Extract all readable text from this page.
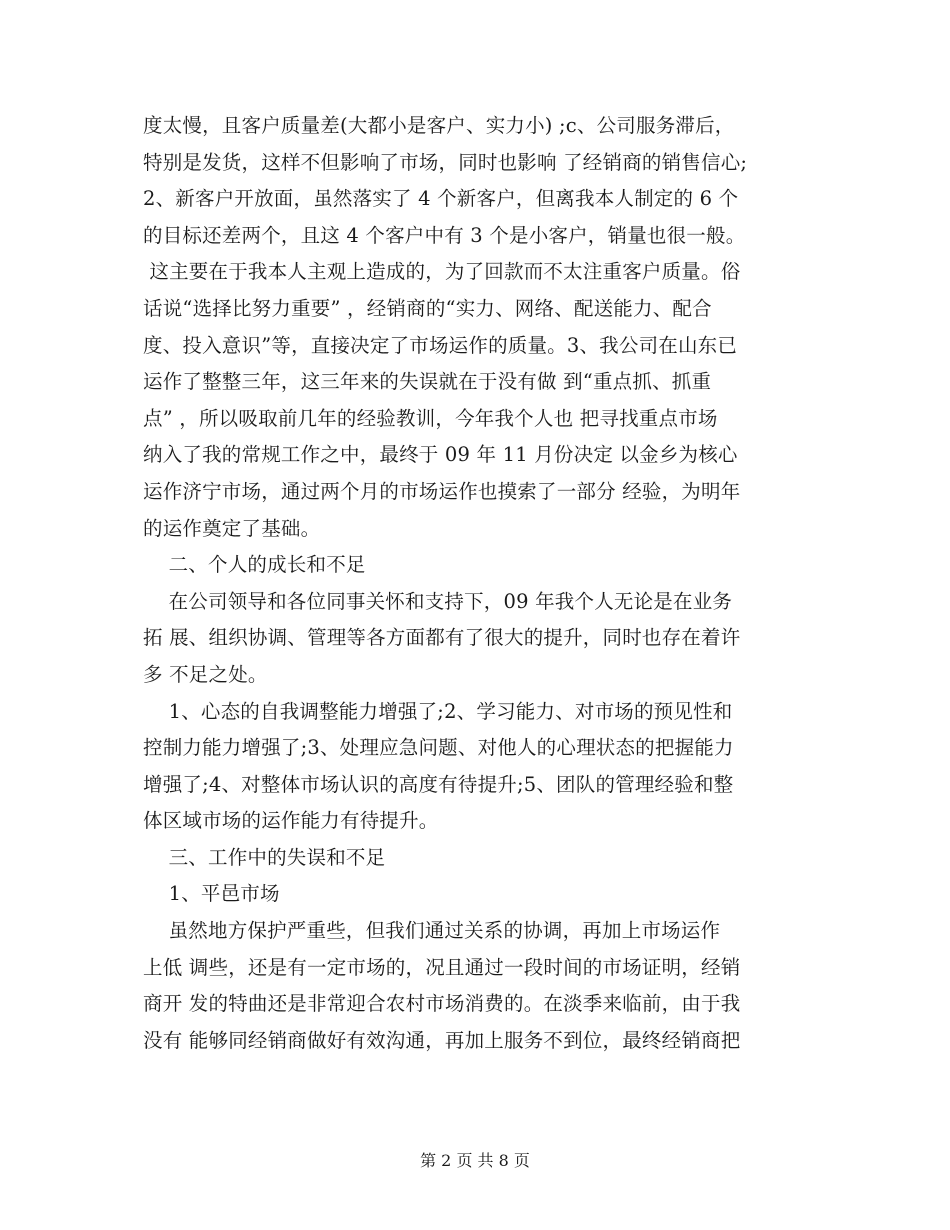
度太慢，且客户质量差(大都小是客户、实力小) ;c、公司服务滞后，
特别是发货，这样不但影响了市场，同时也影响 了经销商的销售信心;
2、新客户开放面，虽然落实了 4 个新客户，但离我本人制定的 6 个
的目标还差两个，且这 4 个客户中有 3 个是小客户，销量也很一般。
这主要在于我本人主观上造成的，为了回款而不太注重客户质量。俗
话说“选择比努力重要” ，经销商的“实力、网络、配送能力、配合
度、投入意识”等，直接决定了市场运作的质量。3、我公司在山东已
运作了整整三年，这三年来的失误就在于没有做 到“重点抓、抓重
点” ，所以吸取前几年的经验教训，今年我个人也 把寻找重点市场
纳入了我的常规工作之中，最终于 09 年 11 月份决定 以金乡为核心
运作济宁市场，通过两个月的市场运作也摸索了一部分 经验，为明年
的运作奠定了基础。
二、个人的成长和不足
在公司领导和各位同事关怀和支持下，09 年我个人无论是在业务
拓 展、组织协调、管理等各方面都有了很大的提升，同时也存在着许
多 不足之处。
1、心态的自我调整能力增强了;2、学习能力、对市场的预见性和
控制力能力增强了;3、处理应急问题、对他人的心理状态的把握能力
增强了;4、对整体市场认识的高度有待提升;5、团队的管理经验和整
体区域市场的运作能力有待提升。
三、工作中的失误和不足
1、平邑市场
虽然地方保护严重些，但我们通过关系的协调，再加上市场运作
上低 调些，还是有一定市场的，况且通过一段时间的市场证明，经销
商开 发的特曲还是非常迎合农村市场消费的。在淡季来临前，由于我
没有 能够同经销商做好有效沟通，再加上服务不到位，最终经销商把
第 2 页 共 8 页
